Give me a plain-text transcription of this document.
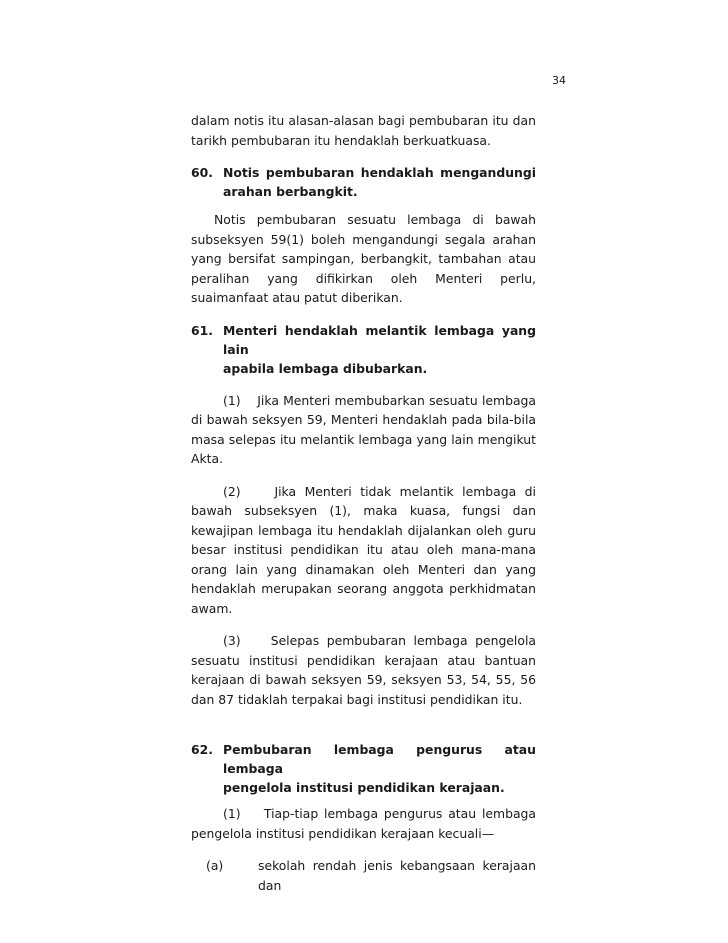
34

dalam notis itu alasan-alasan bagi pembubaran itu dan
tarikh pembubaran itu hendaklah berkuatkuasa.

60. Notis pembubaran hendaklah mengandungi
arahan berbangkit.

Notis pembubaran sesuatu lembaga di bawah subseksyen 59(1) boleh mengandungi segala arahan yang bersifat sampingan, berbangkit, tambahan atau peralihan yang difikirkan oleh Menteri perlu, suaimanfaat atau patut diberikan.

61. Menteri hendaklah melantik lembaga yang lain
apabila lembaga dibubarkan.

(1)    Jika Menteri membubarkan sesuatu lembaga di bawah seksyen 59, Menteri hendaklah pada bila-bila masa selepas itu melantik lembaga yang lain mengikut Akta.

(2)    Jika Menteri tidak melantik lembaga di bawah subseksyen (1), maka kuasa, fungsi dan kewajipan lembaga itu hendaklah dijalankan oleh guru besar institusi pendidikan itu atau oleh mana-mana orang lain yang dinamakan oleh Menteri dan yang hendaklah merupakan seorang anggota perkhidmatan awam.

(3)    Selepas pembubaran lembaga pengelola sesuatu institusi pendidikan kerajaan atau bantuan kerajaan di bawah seksyen 59, seksyen 53, 54, 55, 56 dan 87 tidaklah terpakai bagi institusi pendidikan itu.

62. Pembubaran lembaga pengurus atau lembaga
pengelola institusi pendidikan kerajaan.

(1)    Tiap-tiap lembaga pengurus atau lembaga pengelola institusi pendidikan kerajaan kecuali—

(a)	sekolah rendah jenis kebangsaan kerajaan
dan
